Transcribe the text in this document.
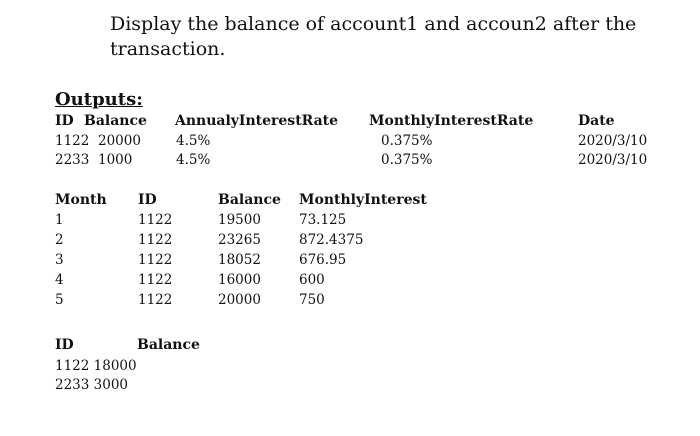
Display the balance of account1 and accoun2 after the
transaction.
Outputs:
ID Balance AnnualyInterestRate MonthlyInterestRate	Date
1122 20000	4.5%	0.375%	2020/3/10
2233 1000	4.5%	0.375%	2020/3/10
Month ID	Balance MonthlyInterest
1	1122	19500	73.125
2	1122	23265	872.4375
3	1122	18052	676.95
4	1122	16000	600
5	1122	20000	750
ID	Balance
1122 18000
2233 3000
